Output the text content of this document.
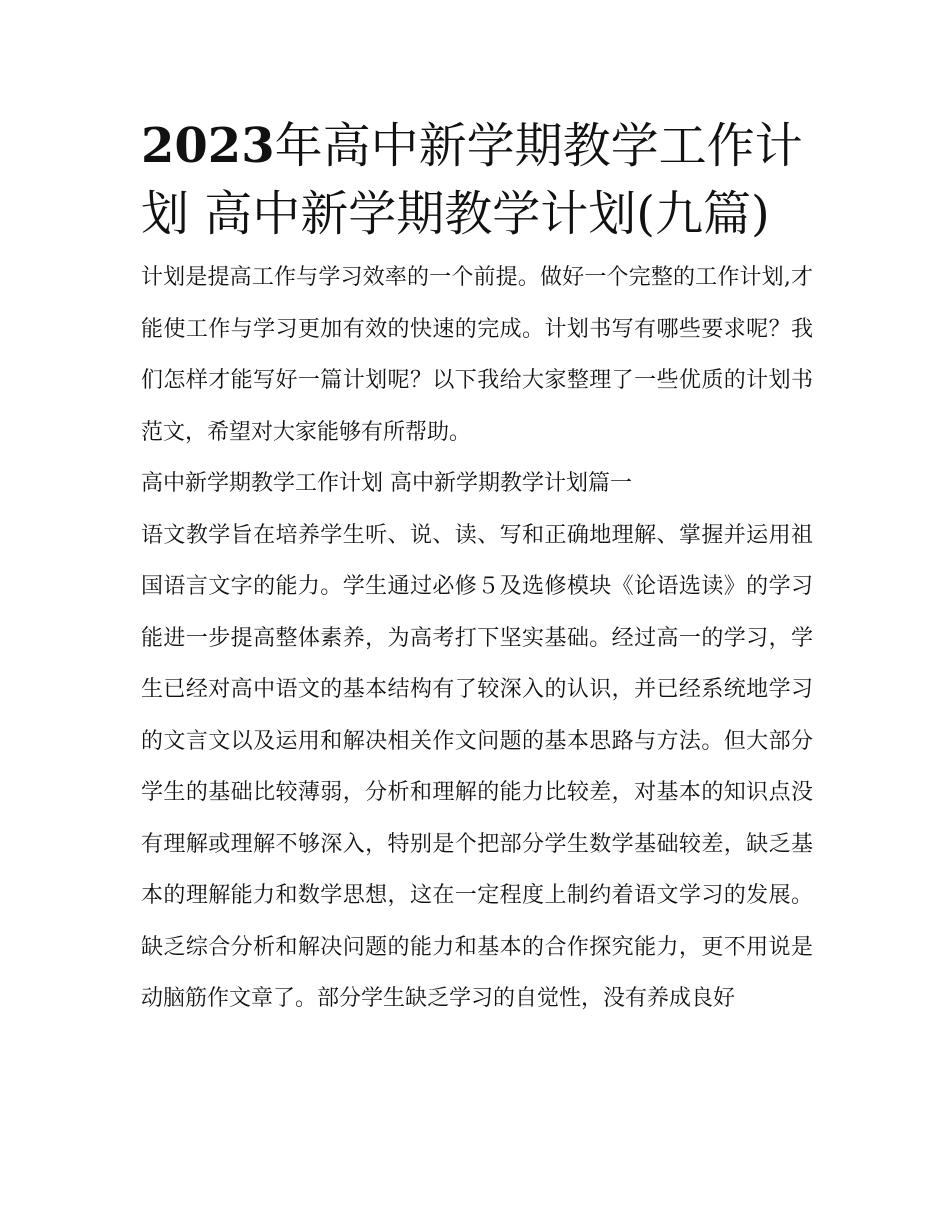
2023年高中新学期教学工作计划 高中新学期教学计划(九篇)

计划是提高工作与学习效率的一个前提。做好一个完整的工作计划,才能使工作与学习更加有效的快速的完成。计划书写有哪些要求呢？我们怎样才能写好一篇计划呢？以下我给大家整理了一些优质的计划书范文，希望对大家能够有所帮助。

高中新学期教学工作计划 高中新学期教学计划篇一

语文教学旨在培养学生听、说、读、写和正确地理解、掌握并运用祖国语言文字的能力。学生通过必修５及选修模块《论语选读》的学习能进一步提高整体素养，为高考打下坚实基础。经过高一的学习，学生已经对高中语文的基本结构有了较深入的认识，并已经系统地学习的文言文以及运用和解决相关作文问题的基本思路与方法。但大部分学生的基础比较薄弱，分析和理解的能力比较差，对基本的知识点没有理解或理解不够深入，特别是个把部分学生数学基础较差，缺乏基本的理解能力和数学思想，这在一定程度上制约着语文学习的发展。缺乏综合分析和解决问题的能力和基本的合作探究能力，更不用说是动脑筋作文章了。部分学生缺乏学习的自觉性，没有养成良好
